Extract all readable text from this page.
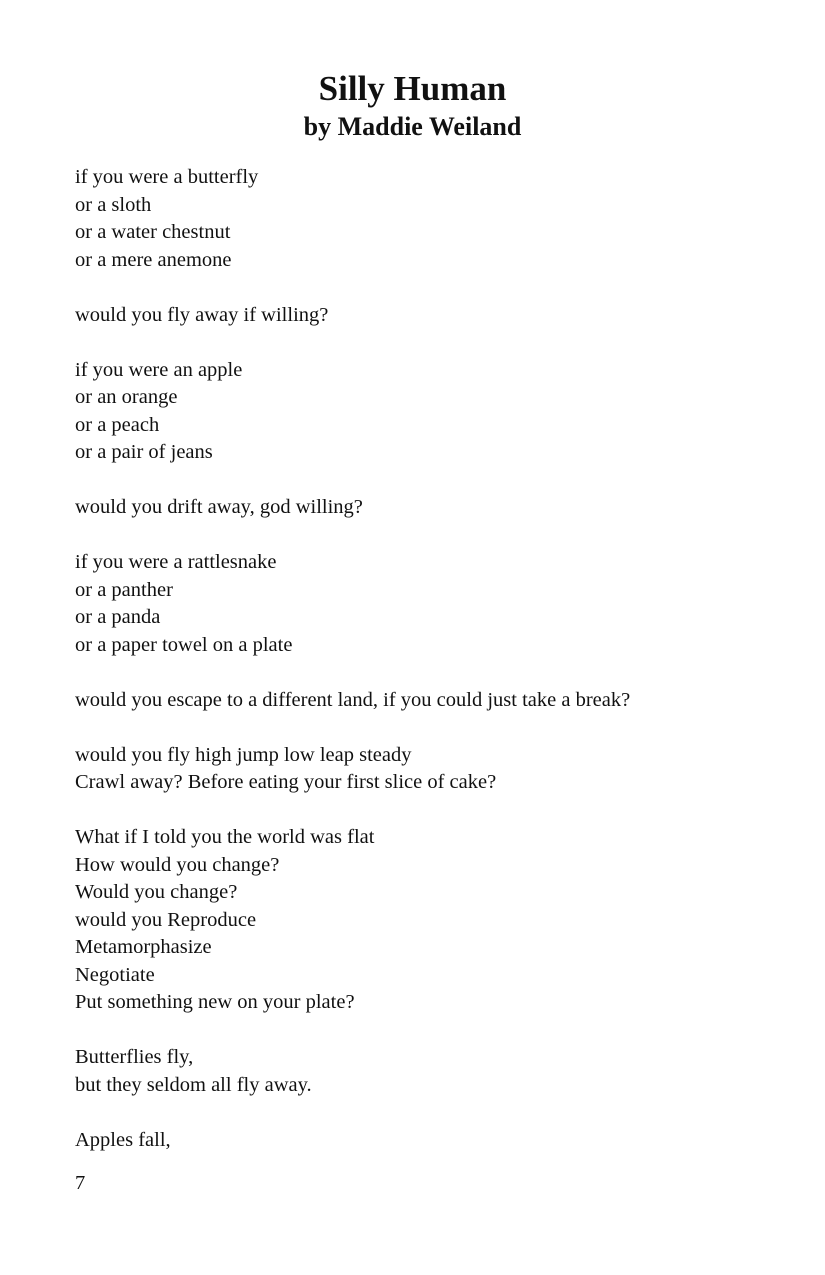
Silly Human
by Maddie Weiland

if you were a butterfly
or a sloth
or a water chestnut
or a mere anemone

would you fly away if willing?

if you were an apple
or an orange
or a peach
or a pair of jeans

would you drift away, god willing?

if you were a rattlesnake
or a panther
or a panda
or a paper towel on a plate

would you escape to a different land, if you could just take a break?

would you fly high jump low leap steady
Crawl away? Before eating your first slice of cake?

What if I told you the world was flat
How would you change?
Would you change?
would you Reproduce
Metamorphasize
Negotiate
Put something new on your plate?

Butterflies fly,
but they seldom all fly away.

Apples fall,

7
